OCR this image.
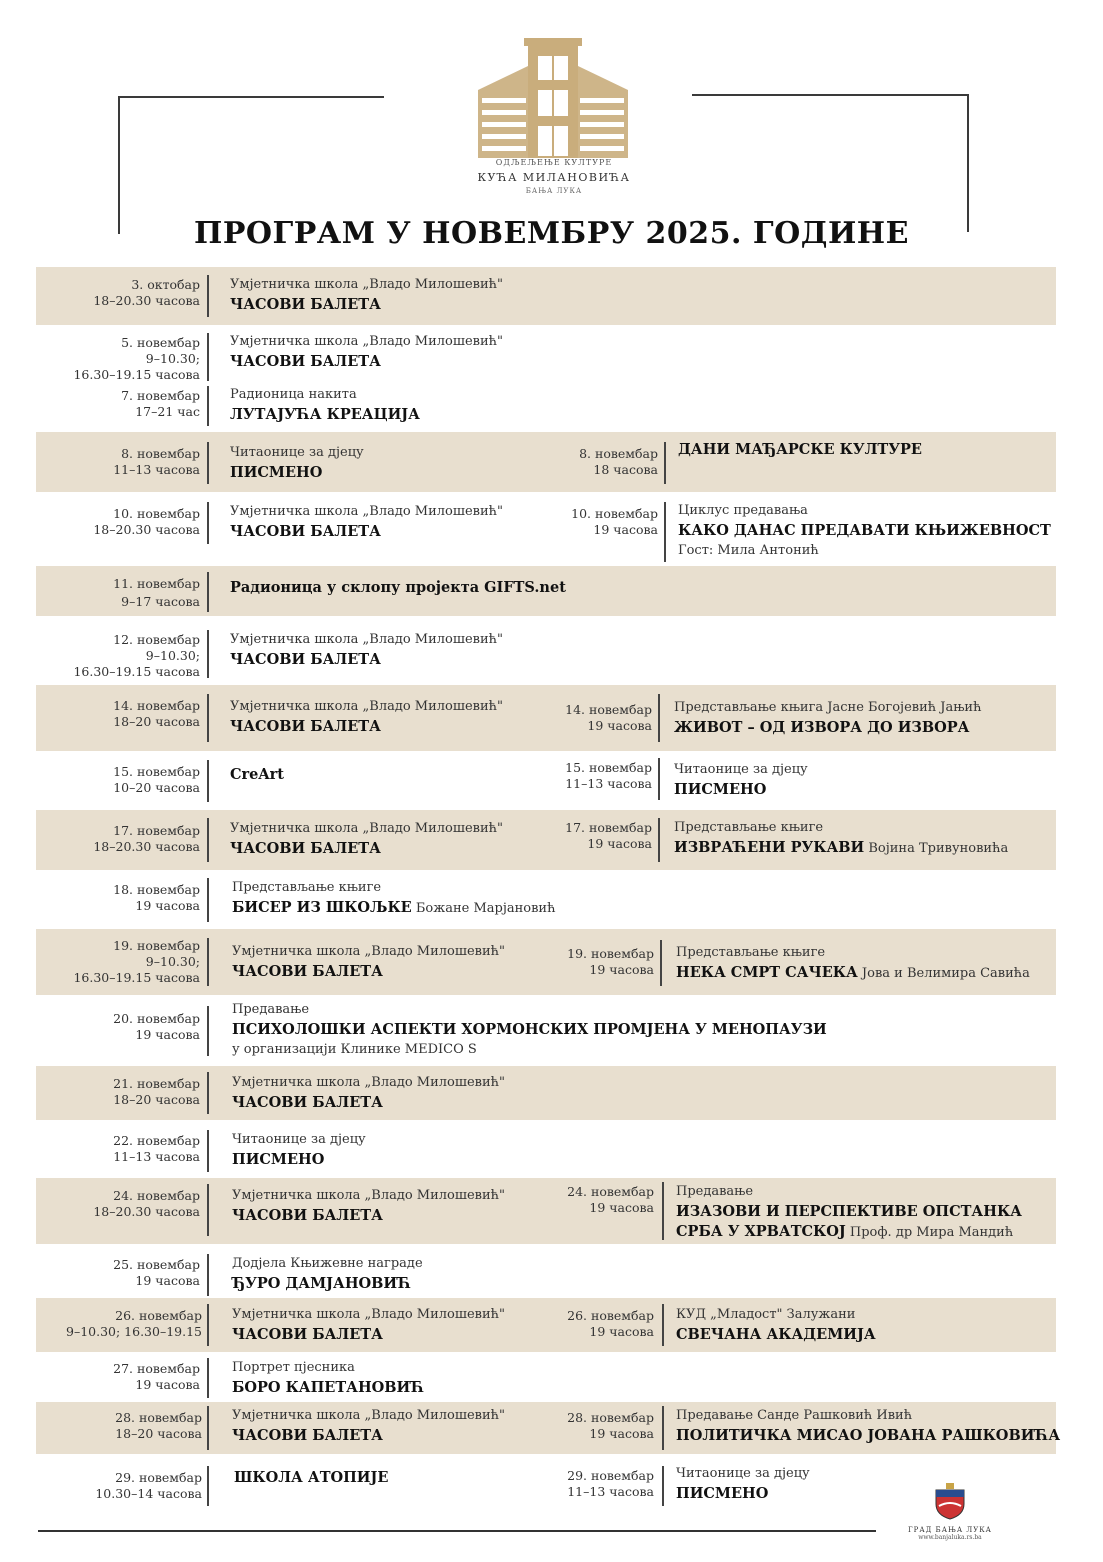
ОДЉЕЉЕЊЕ КУЛТУРЕ
КУЋА МИЛАНОВИЋА
БАЊА ЛУКА
ПРОГРАМ У НОВЕМБРУ 2025. ГОДИНЕ
3. октобар
18–20.30 часова
Умјетничка школа „Владо Милошевић"
ЧАСОВИ БАЛЕТА
5. новембар
9–10.30;
16.30–19.15 часова
Умјетничка школа „Владо Милошевић"
ЧАСОВИ БАЛЕТА
7. новембар
17–21 час
Радионица накита
ЛУТАЈУЋА КРЕАЦИЈА
8. новембар
11–13 часова
Читаонице за дјецу
ПИСМЕНО
8. новембар
18 часова
ДАНИ МАЂАРСКЕ КУЛТУРЕ
10. новембар
18–20.30 часова
Умјетничка школа „Владо Милошевић"
ЧАСОВИ БАЛЕТА
10. новембар
19 часова
Циклус предавања
КАКО ДАНАС ПРЕДАВАТИ КЊИЖЕВНОСТ
Гост: Мила Антонић
11. новембар
9–17 часова
Радионица у склопу пројекта GIFTS.net
12. новембар
9–10.30;
16.30–19.15 часова
Умјетничка школа „Владо Милошевић"
ЧАСОВИ БАЛЕТА
14. новембар
18–20 часова
Умјетничка школа „Владо Милошевић"
ЧАСОВИ БАЛЕТА
14. новембар
19 часова
Представљање књига Јасне Богојевић Јањић
ЖИВОТ – ОД ИЗВОРА ДО ИЗВОРА
15. новембар
10–20 часова
CreArt	15. новембар
11–13 часова
Читаонице за дјецу
ПИСМЕНО
17. новембар
18–20.30 часова
Умјетничка школа „Владо Милошевић"
ЧАСОВИ БАЛЕТА
17. новембар
19 часова
Представљање књиге
ИЗВРАЋЕНИ РУКАВИ Војина Тривуновића
18. новембар
19 часова
Представљање књиге
БИСЕР ИЗ ШКОЉКЕ Божане Марјановић
19. новембар
9–10.30;
16.30–19.15 часова
Умјетничка школа „Владо Милошевић"
ЧАСОВИ БАЛЕТА
19. новембар
19 часова
Представљање књиге
НЕКА СМРТ САЧЕКА Јова и Велимира Савића
20. новембар
19 часова
Предавање
ПСИХОЛОШКИ АСПЕКТИ ХОРМОНСКИХ ПРОМЈЕНА У МЕНОПАУЗИ
у организацији Клинике MEDICO S
21. новембар
18–20 часова
Умјетничка школа „Владо Милошевић"
ЧАСОВИ БАЛЕТА
22. новембар
11–13 часова
Читаонице за дјецу
ПИСМЕНО
24. новембар
18–20.30 часова
Умјетничка школа „Владо Милошевић"
ЧАСОВИ БАЛЕТА
24. новембар
19 часова
Предавање
ИЗАЗОВИ И ПЕРСПЕКТИВЕ ОПСТАНКА
СРБА У ХРВАТСКОЈ Проф. др Мира Мандић
25. новембар
19 часова
Додјела Књижевне награде
ЂУРО ДАМЈАНОВИЋ
26. новембар
9–10.30; 16.30–19.15
Умјетничка школа „Владо Милошевић"
ЧАСОВИ БАЛЕТА
26. новембар
19 часова
КУД „Младост" Залужани
СВЕЧАНА АКАДЕМИЈА
27. новембар
19 часова
Портрет пјесника
БОРО КАПЕТАНОВИЋ
28. новембар
18–20 часова
Умјетничка школа „Владо Милошевић"
ЧАСОВИ БАЛЕТА
28. новембар
19 часова
Предавање Сандe Рашковић Ивић
ПОЛИТИЧКА МИСАО ЈОВАНА РАШКОВИЋА
29. новембар
10.30–14 часова
ШКОЛА АТОПИЈЕ	29. новембар
11–13 часова
Читаонице за дјецу
ПИСМЕНО
ГРАД БАЊА ЛУКА
www.banjaluka.rs.ba
